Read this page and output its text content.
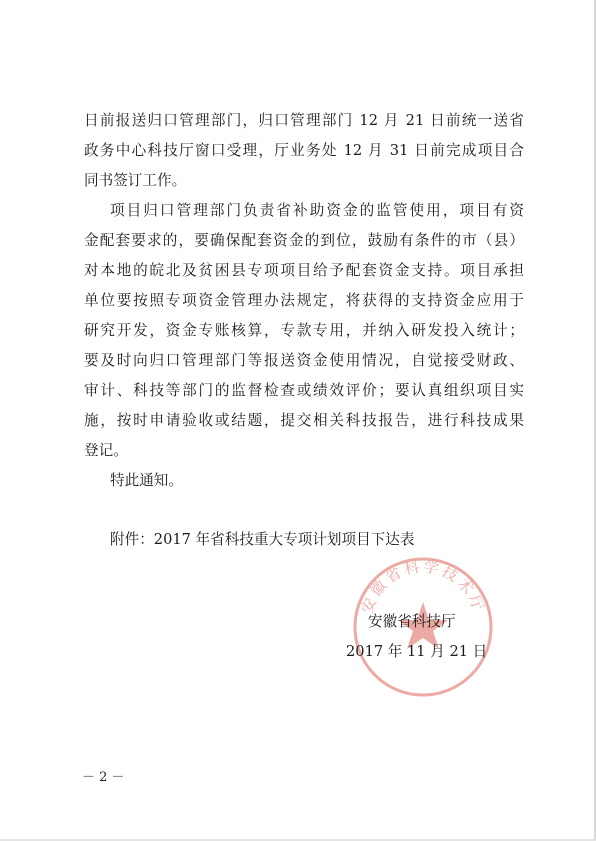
日前报送归口管理部门，归口管理部门 12 月 21 日前统一送省
政务中心科技厅窗口受理，厅业务处 12 月 31 日前完成项目合
同书签订工作。
项目归口管理部门负责省补助资金的监管使用，项目有资
金配套要求的，要确保配套资金的到位，鼓励有条件的市（县）
对本地的皖北及贫困县专项项目给予配套资金支持。项目承担
单位要按照专项资金管理办法规定，将获得的支持资金应用于
研究开发，资金专账核算，专款专用，并纳入研发投入统计；
要及时向归口管理部门等报送资金使用情况，自觉接受财政、
审计、科技等部门的监督检查或绩效评价；要认真组织项目实
施，按时申请验收或结题，提交相关科技报告，进行科技成果
登记。
特此通知。
附件：2017 年省科技重大专项计划项目下达表
安徽省科学技术厅
安徽省科技厅
2017 年 11 月 21 日
－ 2 －
